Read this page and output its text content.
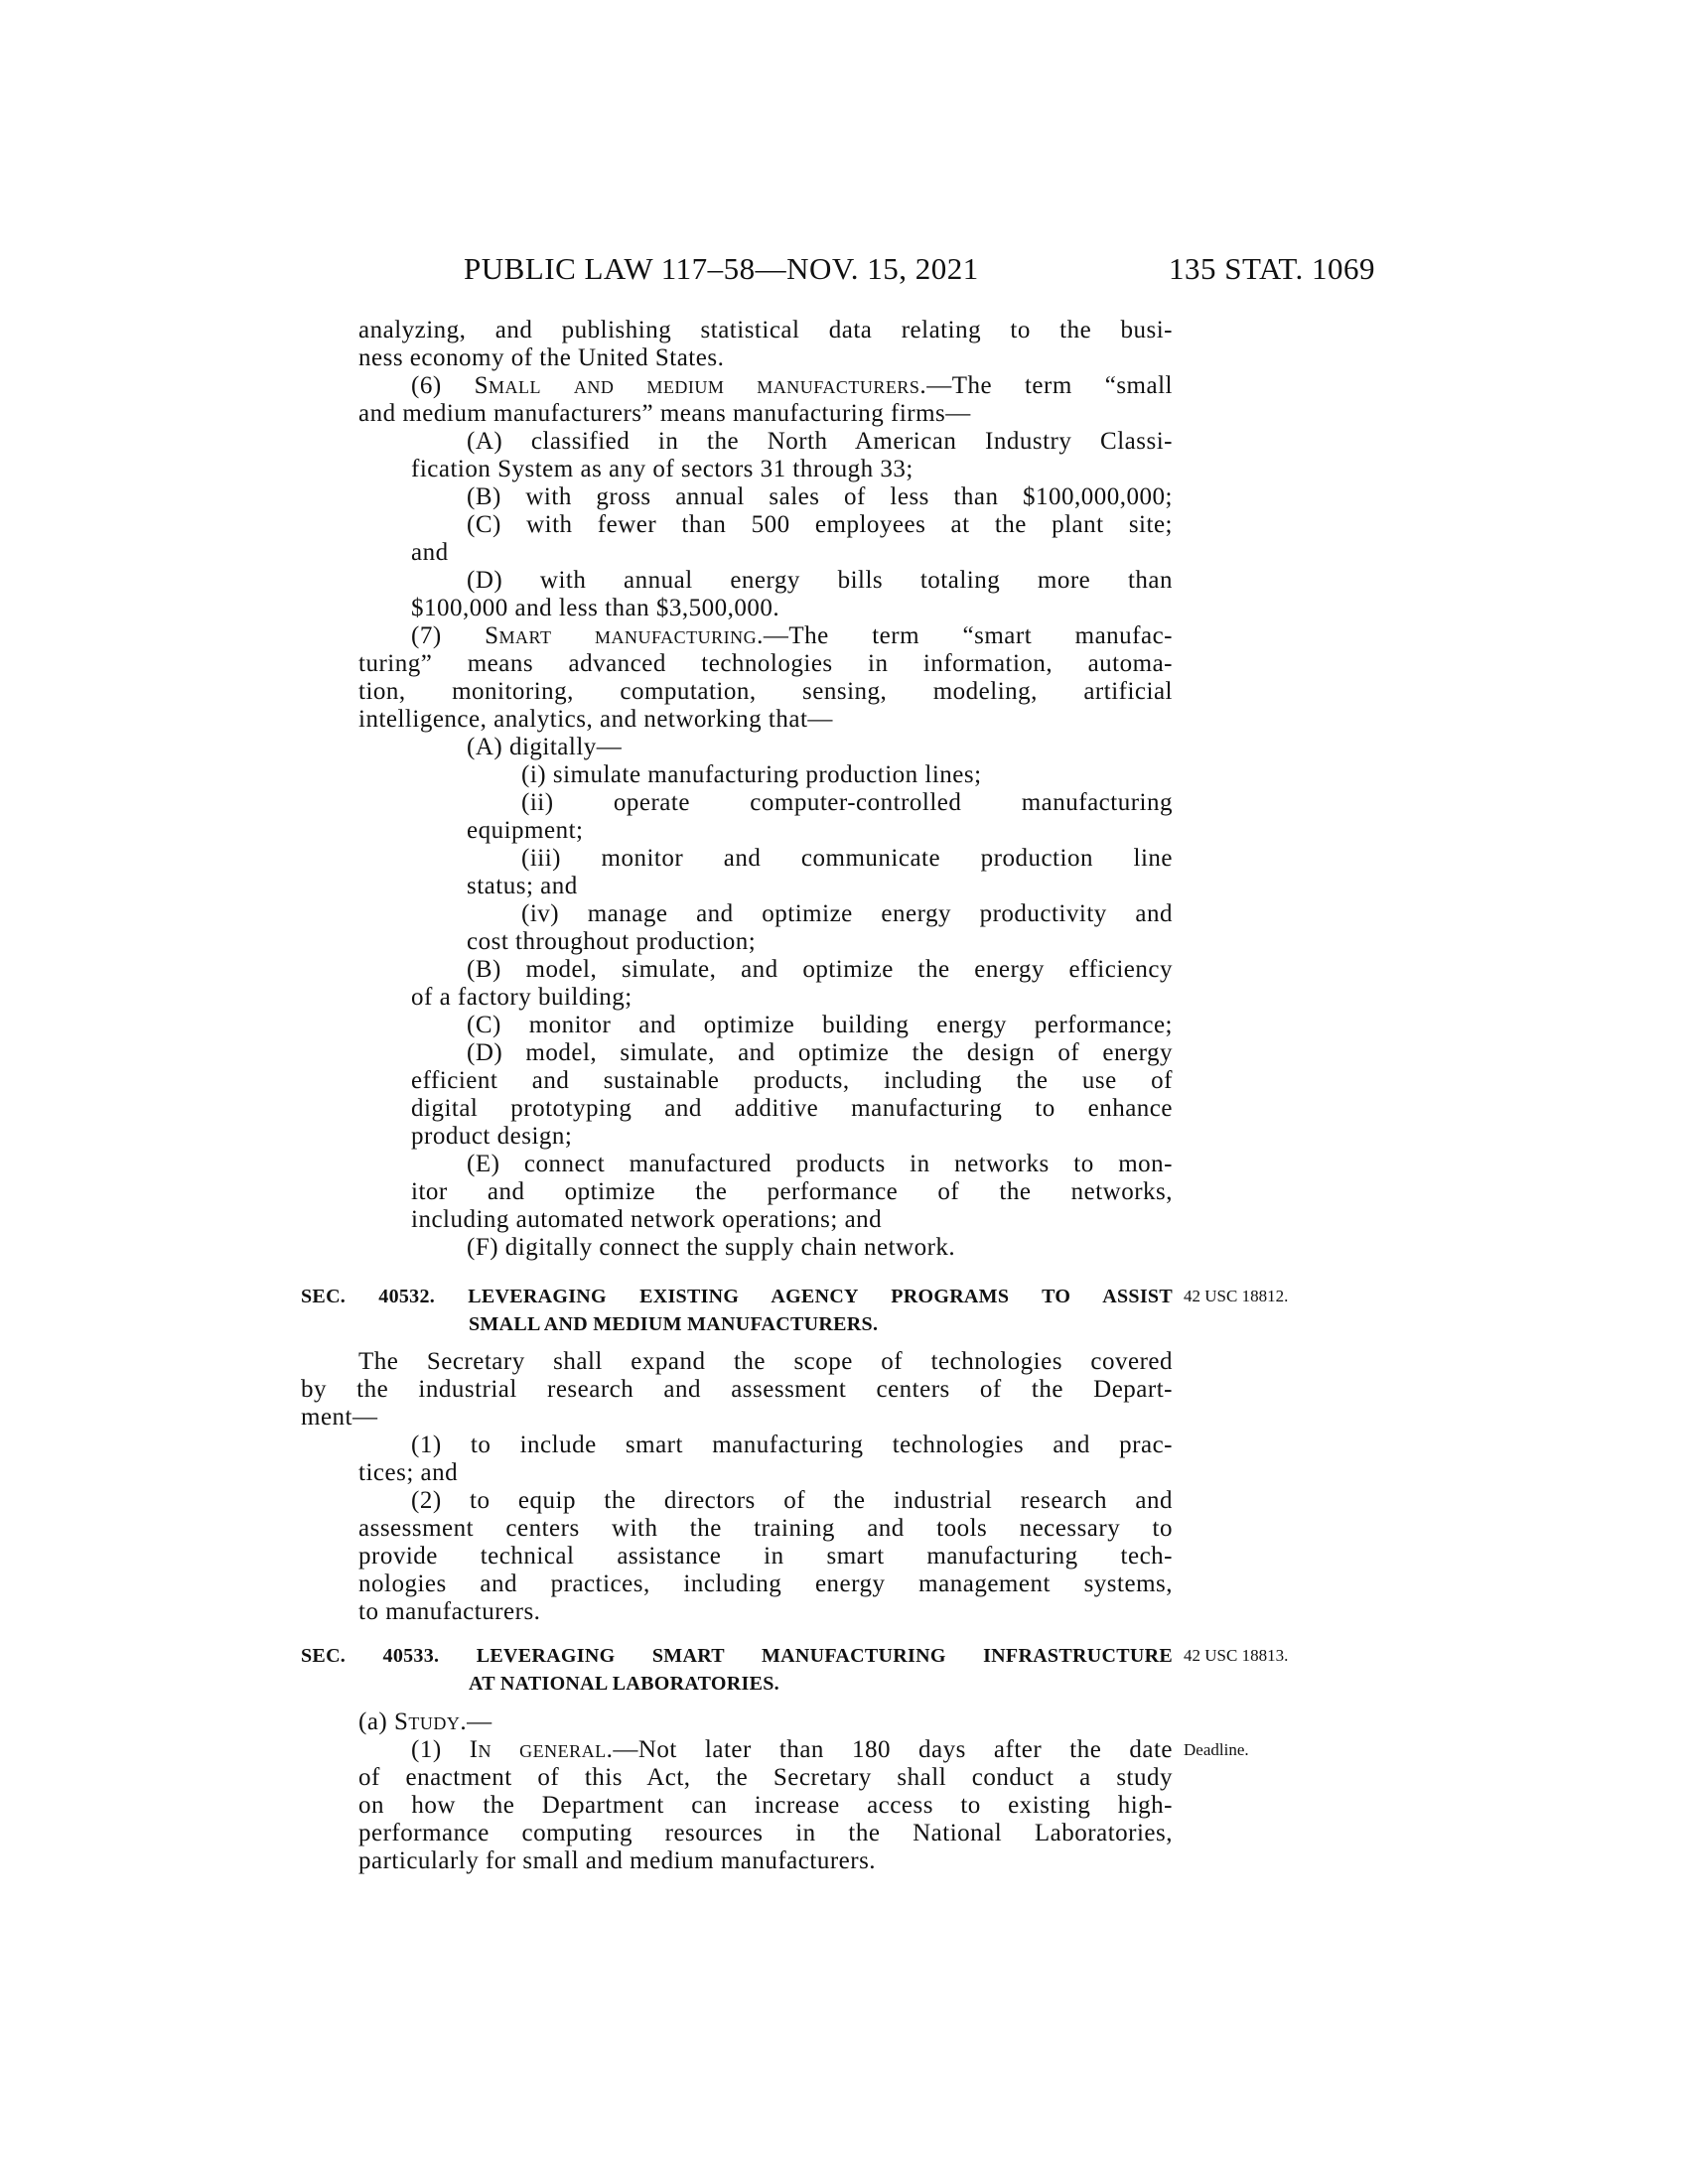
PUBLIC LAW 117–58—NOV. 15, 2021	135 STAT. 1069
analyzing, and publishing statistical data relating to the busi-
ness economy of the United States.
(6) Small and medium manufacturers.—The term “small
and medium manufacturers” means manufacturing firms—
(A) classified in the North American Industry Classi-
fication System as any of sectors 31 through 33;
(B) with gross annual sales of less than $100,000,000;
(C) with fewer than 500 employees at the plant site;
and
(D) with annual energy bills totaling more than
$100,000 and less than $3,500,000.
(7) Smart manufacturing.—The term “smart manufac-
turing” means advanced technologies in information, automa-
tion, monitoring, computation, sensing, modeling, artificial
intelligence, analytics, and networking that—
(A) digitally—
(i) simulate manufacturing production lines;
(ii) operate computer-controlled manufacturing
equipment;
(iii) monitor and communicate production line
status; and
(iv) manage and optimize energy productivity and
cost throughout production;
(B) model, simulate, and optimize the energy efficiency
of a factory building;
(C) monitor and optimize building energy performance;
(D) model, simulate, and optimize the design of energy
efficient and sustainable products, including the use of
digital prototyping and additive manufacturing to enhance
product design;
(E) connect manufactured products in networks to mon-
itor and optimize the performance of the networks,
including automated network operations; and
(F) digitally connect the supply chain network.
SEC. 40532. LEVERAGING EXISTING AGENCY PROGRAMS TO ASSIST 42 USC 18812.
SMALL AND MEDIUM MANUFACTURERS.
The Secretary shall expand the scope of technologies covered
by the industrial research and assessment centers of the Depart-
ment—
(1) to include smart manufacturing technologies and prac-
tices; and
(2) to equip the directors of the industrial research and
assessment centers with the training and tools necessary to
provide technical assistance in smart manufacturing tech-
nologies and practices, including energy management systems,
to manufacturers.
SEC. 40533. LEVERAGING SMART MANUFACTURING INFRASTRUCTURE 42 USC 18813.
AT NATIONAL LABORATORIES.
(a) Study.—
(1) In general.—Not later than 180 days after the date Deadline.
of enactment of this Act, the Secretary shall conduct a study
on how the Department can increase access to existing high-
performance computing resources in the National Laboratories,
particularly for small and medium manufacturers.
